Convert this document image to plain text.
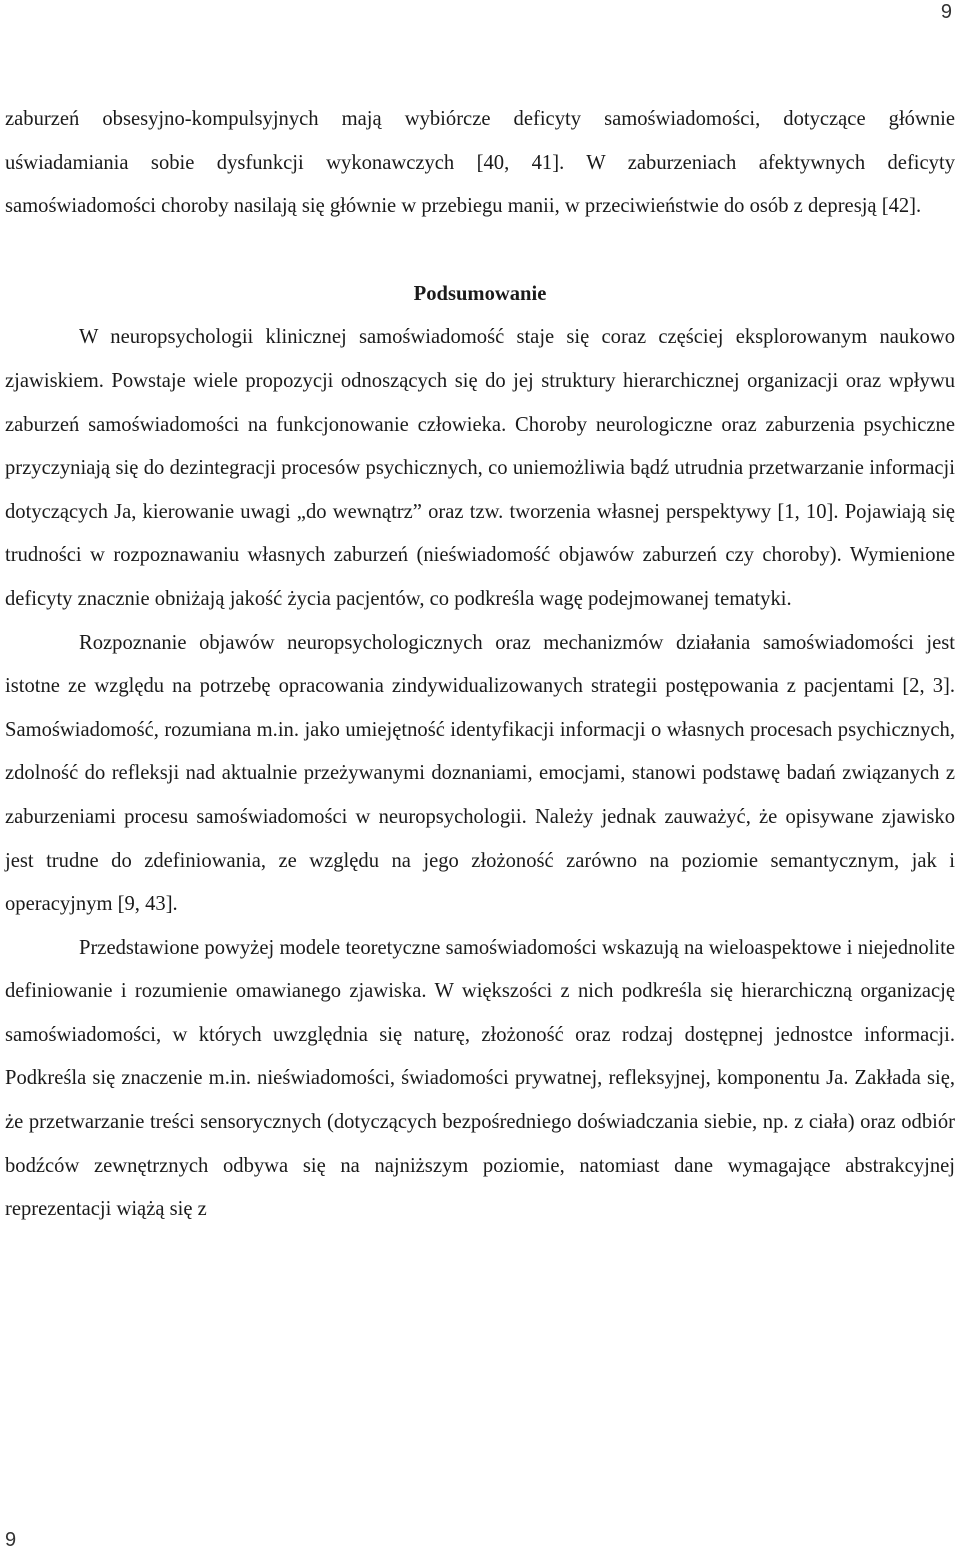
9

zaburzeń obsesyjno-kompulsyjnych mają wybiórcze deficyty samoświadomości, dotyczące głównie uświadamiania sobie dysfunkcji wykonawczych [40, 41]. W zaburzeniach afektywnych deficyty samoświadomości choroby nasilają się głównie w przebiegu manii, w przeciwieństwie do osób z depresją [42].

Podsumowanie

W neuropsychologii klinicznej samoświadomość staje się coraz częściej eksplorowanym naukowo zjawiskiem. Powstaje wiele propozycji odnoszących się do jej struktury hierarchicznej organizacji oraz wpływu zaburzeń samoświadomości na funkcjonowanie człowieka. Choroby neurologiczne oraz zaburzenia psychiczne przyczyniają się do dezintegracji procesów psychicznych, co uniemożliwia bądź utrudnia przetwarzanie informacji dotyczących Ja, kierowanie uwagi „do wewnątrz” oraz tzw. tworzenia własnej perspektywy [1, 10]. Pojawiają się trudności w rozpoznawaniu własnych zaburzeń (nieświadomość objawów zaburzeń czy choroby). Wymienione deficyty znacznie obniżają jakość życia pacjentów, co podkreśla wagę podejmowanej tematyki.

Rozpoznanie objawów neuropsychologicznych oraz mechanizmów działania samoświadomości jest istotne ze względu na potrzebę opracowania zindywidualizowanych strategii postępowania z pacjentami [2, 3]. Samoświadomość, rozumiana m.in. jako umiejętność identyfikacji informacji o własnych procesach psychicznych, zdolność do refleksji nad aktualnie przeżywanymi doznaniami, emocjami, stanowi podstawę badań związanych z zaburzeniami procesu samoświadomości w neuropsychologii. Należy jednak zauważyć, że opisywane zjawisko jest trudne do zdefiniowania, ze względu na jego złożoność zarówno na poziomie semantycznym, jak i operacyjnym [9, 43].

Przedstawione powyżej modele teoretyczne samoświadomości wskazują na wieloaspektowe i niejednolite definiowanie i rozumienie omawianego zjawiska. W większości z nich podkreśla się hierarchiczną organizację samoświadomości, w których uwzględnia się naturę, złożoność oraz rodzaj dostępnej jednostce informacji. Podkreśla się znaczenie m.in. nieświadomości, świadomości prywatnej, refleksyjnej, komponentu Ja. Zakłada się, że przetwarzanie treści sensorycznych (dotyczących bezpośredniego doświadczania siebie, np. z ciała) oraz odbiór bodźców zewnętrznych odbywa się na najniższym poziomie, natomiast dane wymagające abstrakcyjnej reprezentacji wiążą się z

9
